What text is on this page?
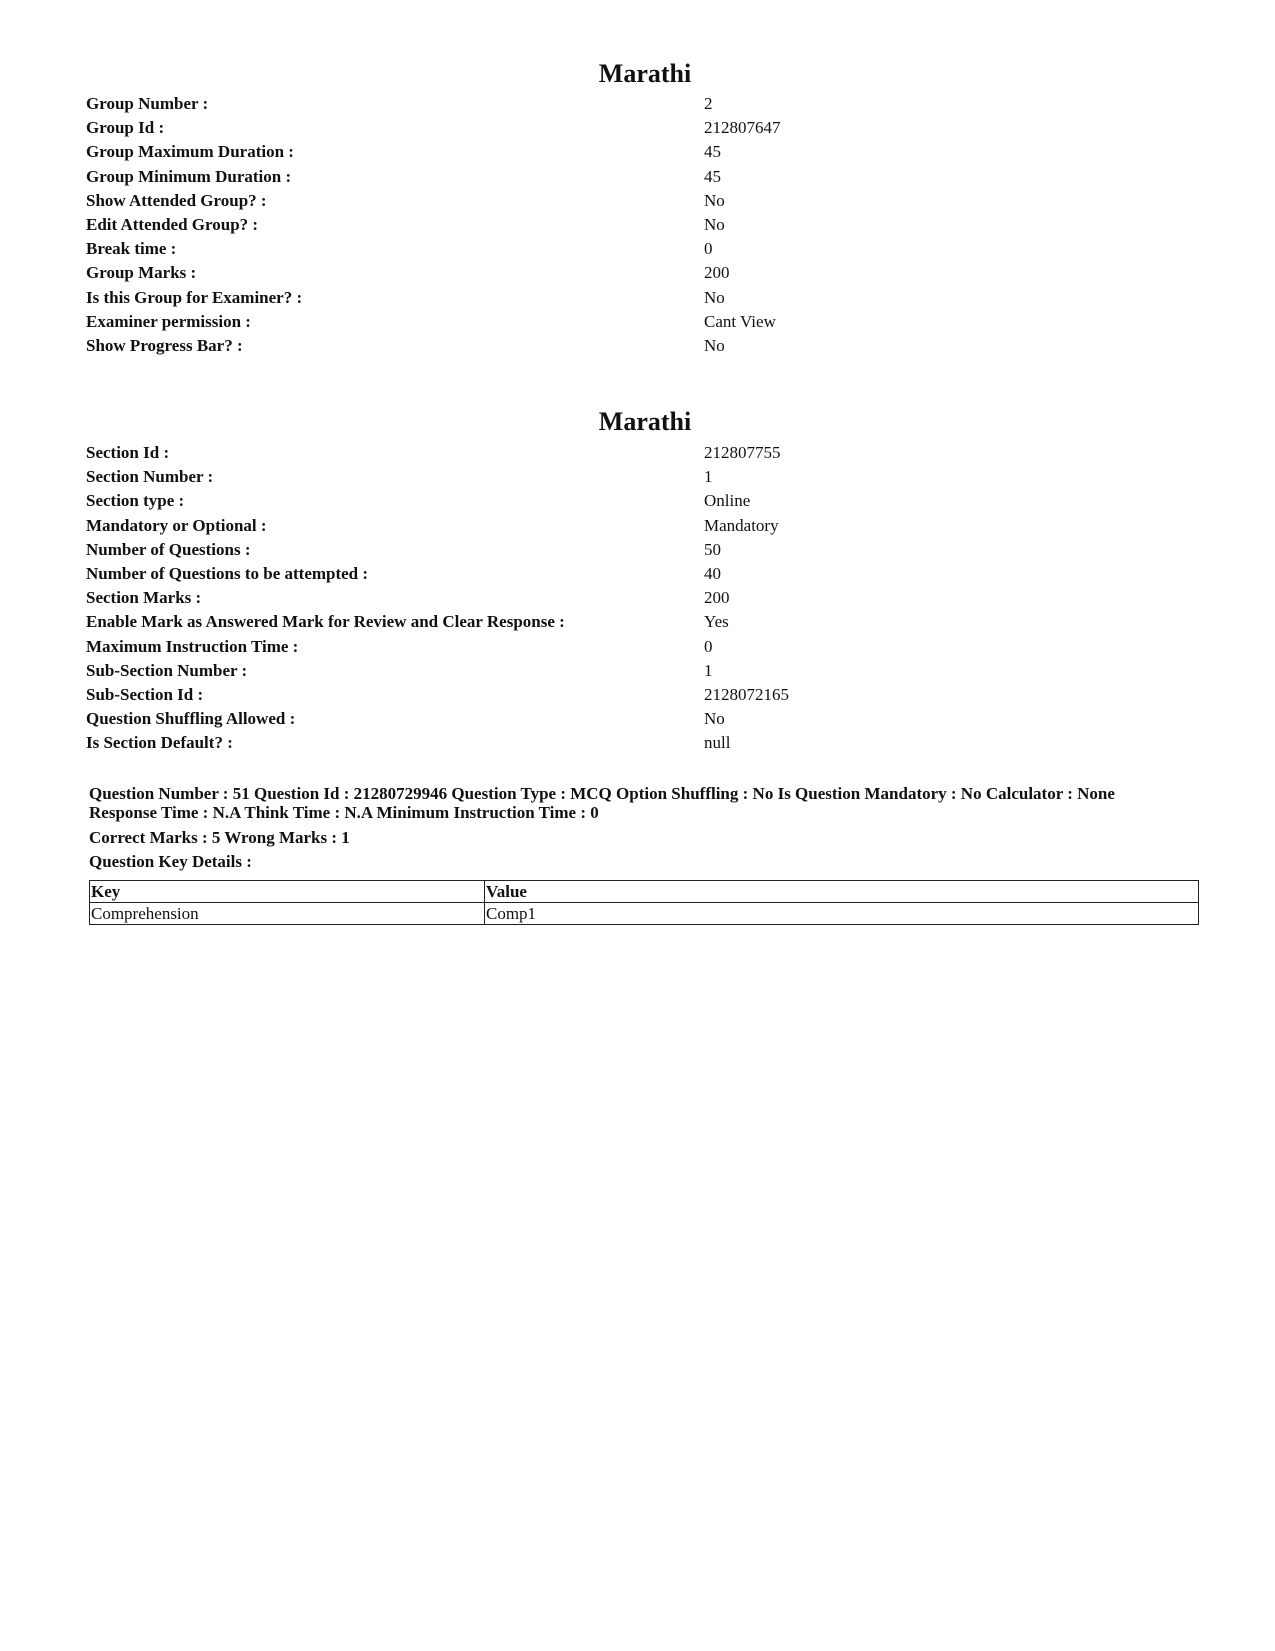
Marathi
Group Number :	2
Group Id :	212807647
Group Maximum Duration :	45
Group Minimum Duration :	45
Show Attended Group? :	No
Edit Attended Group? :	No
Break time :	0
Group Marks :	200
Is this Group for Examiner? :	No
Examiner permission :	Cant View
Show Progress Bar? :	No
Marathi
Section Id :	212807755
Section Number :	1
Section type :	Online
Mandatory or Optional :	Mandatory
Number of Questions :	50
Number of Questions to be attempted :	40
Section Marks :	200
Enable Mark as Answered Mark for Review and Clear Response :	Yes
Maximum Instruction Time :	0
Sub-Section Number :	1
Sub-Section Id :	2128072165
Question Shuffling Allowed :	No
Is Section Default? :	null
Question Number : 51 Question Id : 21280729946 Question Type : MCQ Option Shuffling : No Is Question Mandatory : No Calculator : None
Response Time : N.A Think Time : N.A Minimum Instruction Time : 0
Correct Marks : 5 Wrong Marks : 1
Question Key Details :
Key	Value
Comprehension	Comp1
